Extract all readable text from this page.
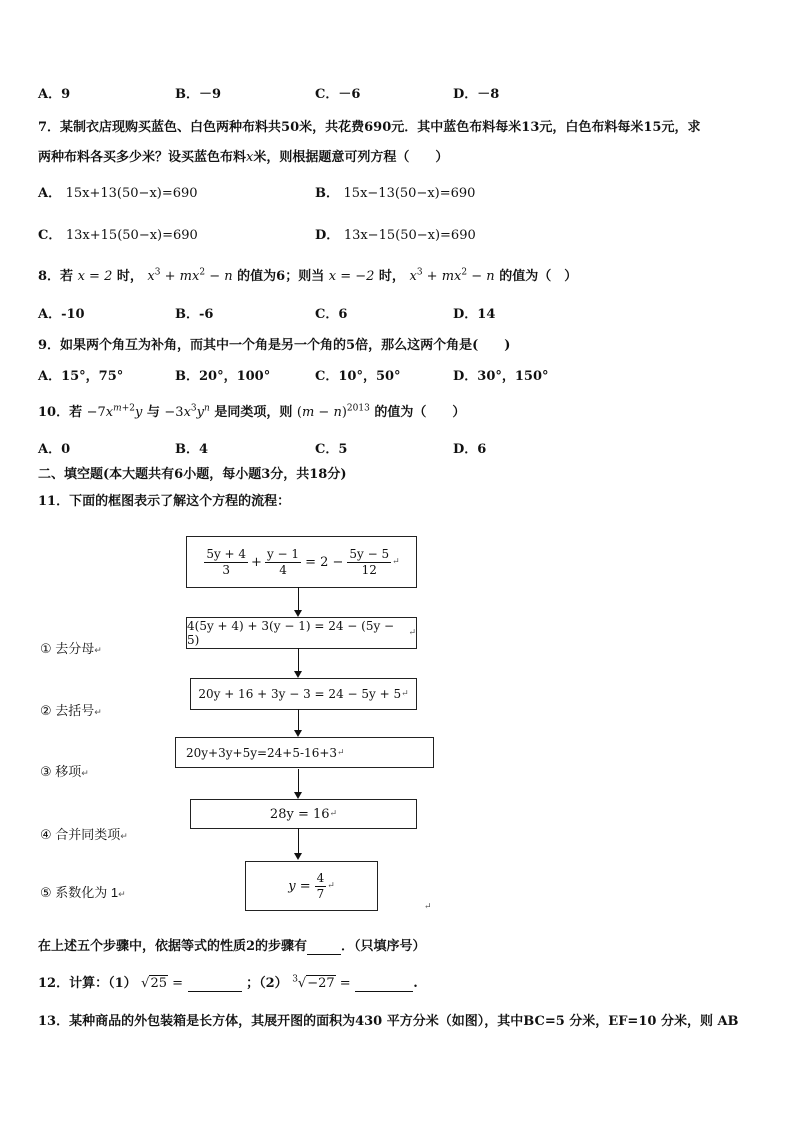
A．9	B．－9	C．－6	D．－8
7．某制衣店现购买蓝色、白色两种布料共50米，共花费690元．其中蓝色布料每米13元，白色布料每米15元，求
两种布料各买多少米？设买蓝色布料x米，则根据题意可列方程（　　）
A． 15x+13(50−x)=690	B． 15x−13(50−x)=690
C． 13x+15(50−x)=690	D． 13x−15(50−x)=690
8．若 x = 2 时， $x^3 + mx^2 - n$ 的值为6；则当 x = −2 时， $x^3 + mx^2 - n$ 的值为（　）
A．-10	B．-6	C．6	D．14
9．如果两个角互为补角，而其中一个角是另一个角的5倍，那么这两个角是(　　)
A．15°，75°	B．20°，100°	C．10°，50°	D．30°，150°
10．若 $-7x^{m+2}y$ 与 $-3x^3y^n$ 是同类项，则 $(m - n)^{2013}$ 的值为（　　）
A．0	B．4	C．5	D．6
二、填空题(本大题共有6小题，每小题3分，共18分)
11．下面的框图表示了解这个方程的流程：
$\frac{5y + 4}{3} + \frac{y - 1}{4} = 2 - \frac{5y - 5}{12}$ ↵
4(5y + 4) + 3(y − 1) = 24 − (5y − 5)	↵
20y + 16 + 3y − 3 = 24 − 5y + 5 ↵
20y+3y+5y=24+5-16+3 ↵
28y = 16 ↵
$y = \frac{4}{7}$ ↵
↵
① 去分母↵
② 去括号↵
③ 移项↵
④ 合并同类项↵
⑤ 系数化为 1↵
在上述五个步骤中，依据等式的性质2的步骤有	．（只填序号）
12．计算：（1） √25 =	；（2） $^3$√−27 =	.
13．某种商品的外包装箱是长方体，其展开图的面积为430 平方分米（如图），其中BC=5 分米，EF=10 分米，则 AB
